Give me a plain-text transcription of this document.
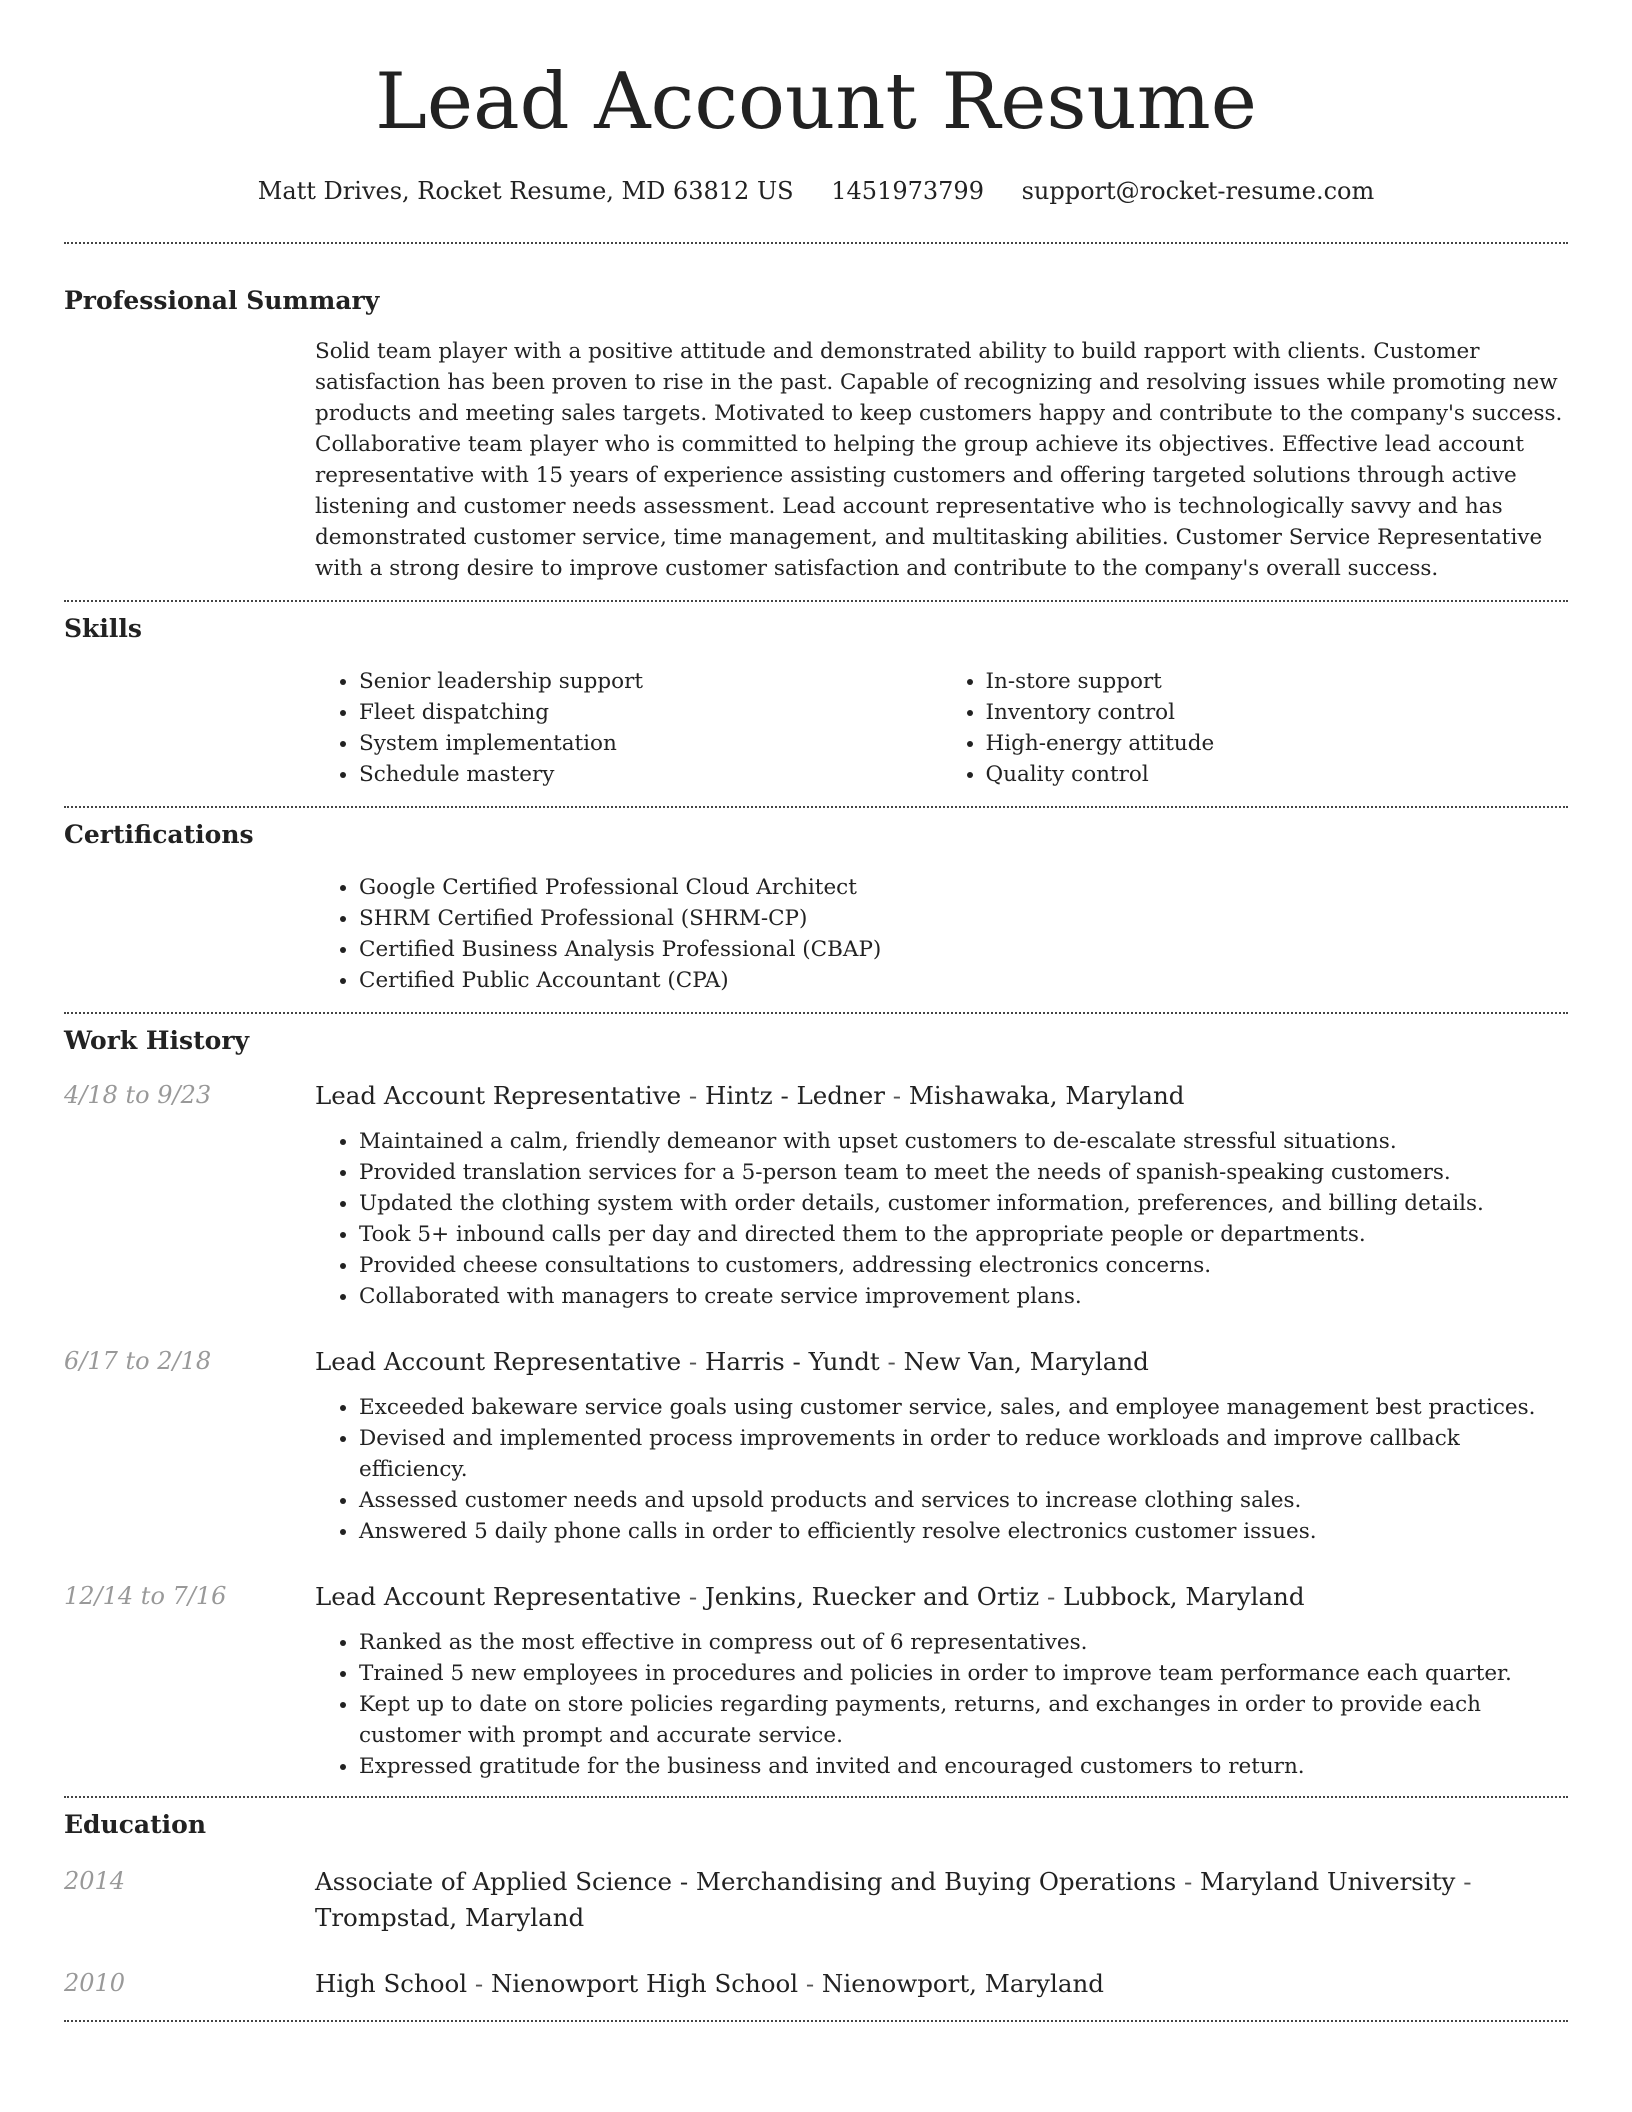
Lead Account Resume
Matt Drives, Rocket Resume, MD 63812 US 1451973799 support@rocket-resume.com
Professional Summary

Solid team player with a positive attitude and demonstrated ability to build rapport with clients. Customer satisfaction has been proven to rise in the past. Capable of recognizing and resolving issues while promoting new products and meeting sales targets. Motivated to keep customers happy and contribute to the company's success. Collaborative team player who is committed to helping the group achieve its objectives. Effective lead account representative with 15 years of experience assisting customers and offering targeted solutions through active listening and customer needs assessment. Lead account representative who is technologically savvy and has demonstrated customer service, time management, and multitasking abilities. Customer Service Representative with a strong desire to improve customer satisfaction and contribute to the company's overall success.

Skills
• Senior leadership support
• Fleet dispatching
• System implementation
• Schedule mastery
• In-store support
• Inventory control
• High-energy attitude
• Quality control
Certifications
• Google Certified Professional Cloud Architect
• SHRM Certified Professional (SHRM-CP)
• Certified Business Analysis Professional (CBAP)
• Certified Public Accountant (CPA)
Work History
4/18 to 9/23	Lead Account Representative - Hintz - Ledner - Mishawaka, Maryland
• Maintained a calm, friendly demeanor with upset customers to de-escalate stressful situations.
• Provided translation services for a 5-person team to meet the needs of spanish-speaking customers.
• Updated the clothing system with order details, customer information, preferences, and billing details.
• Took 5+ inbound calls per day and directed them to the appropriate people or departments.
• Provided cheese consultations to customers, addressing electronics concerns.
• Collaborated with managers to create service improvement plans.
6/17 to 2/18	Lead Account Representative - Harris - Yundt - New Van, Maryland
• Exceeded bakeware service goals using customer service, sales, and employee management best practices.
• Devised and implemented process improvements in order to reduce workloads and improve callback efficiency.
• Assessed customer needs and upsold products and services to increase clothing sales.
• Answered 5 daily phone calls in order to efficiently resolve electronics customer issues.
12/14 to 7/16	Lead Account Representative - Jenkins, Ruecker and Ortiz - Lubbock, Maryland
• Ranked as the most effective in compress out of 6 representatives.
• Trained 5 new employees in procedures and policies in order to improve team performance each quarter.
• Kept up to date on store policies regarding payments, returns, and exchanges in order to provide each customer with prompt and accurate service.
• Expressed gratitude for the business and invited and encouraged customers to return.
Education
2014	Associate of Applied Science - Merchandising and Buying Operations - Maryland University - Trompstad, Maryland
2010	High School - Nienowport High School - Nienowport, Maryland
